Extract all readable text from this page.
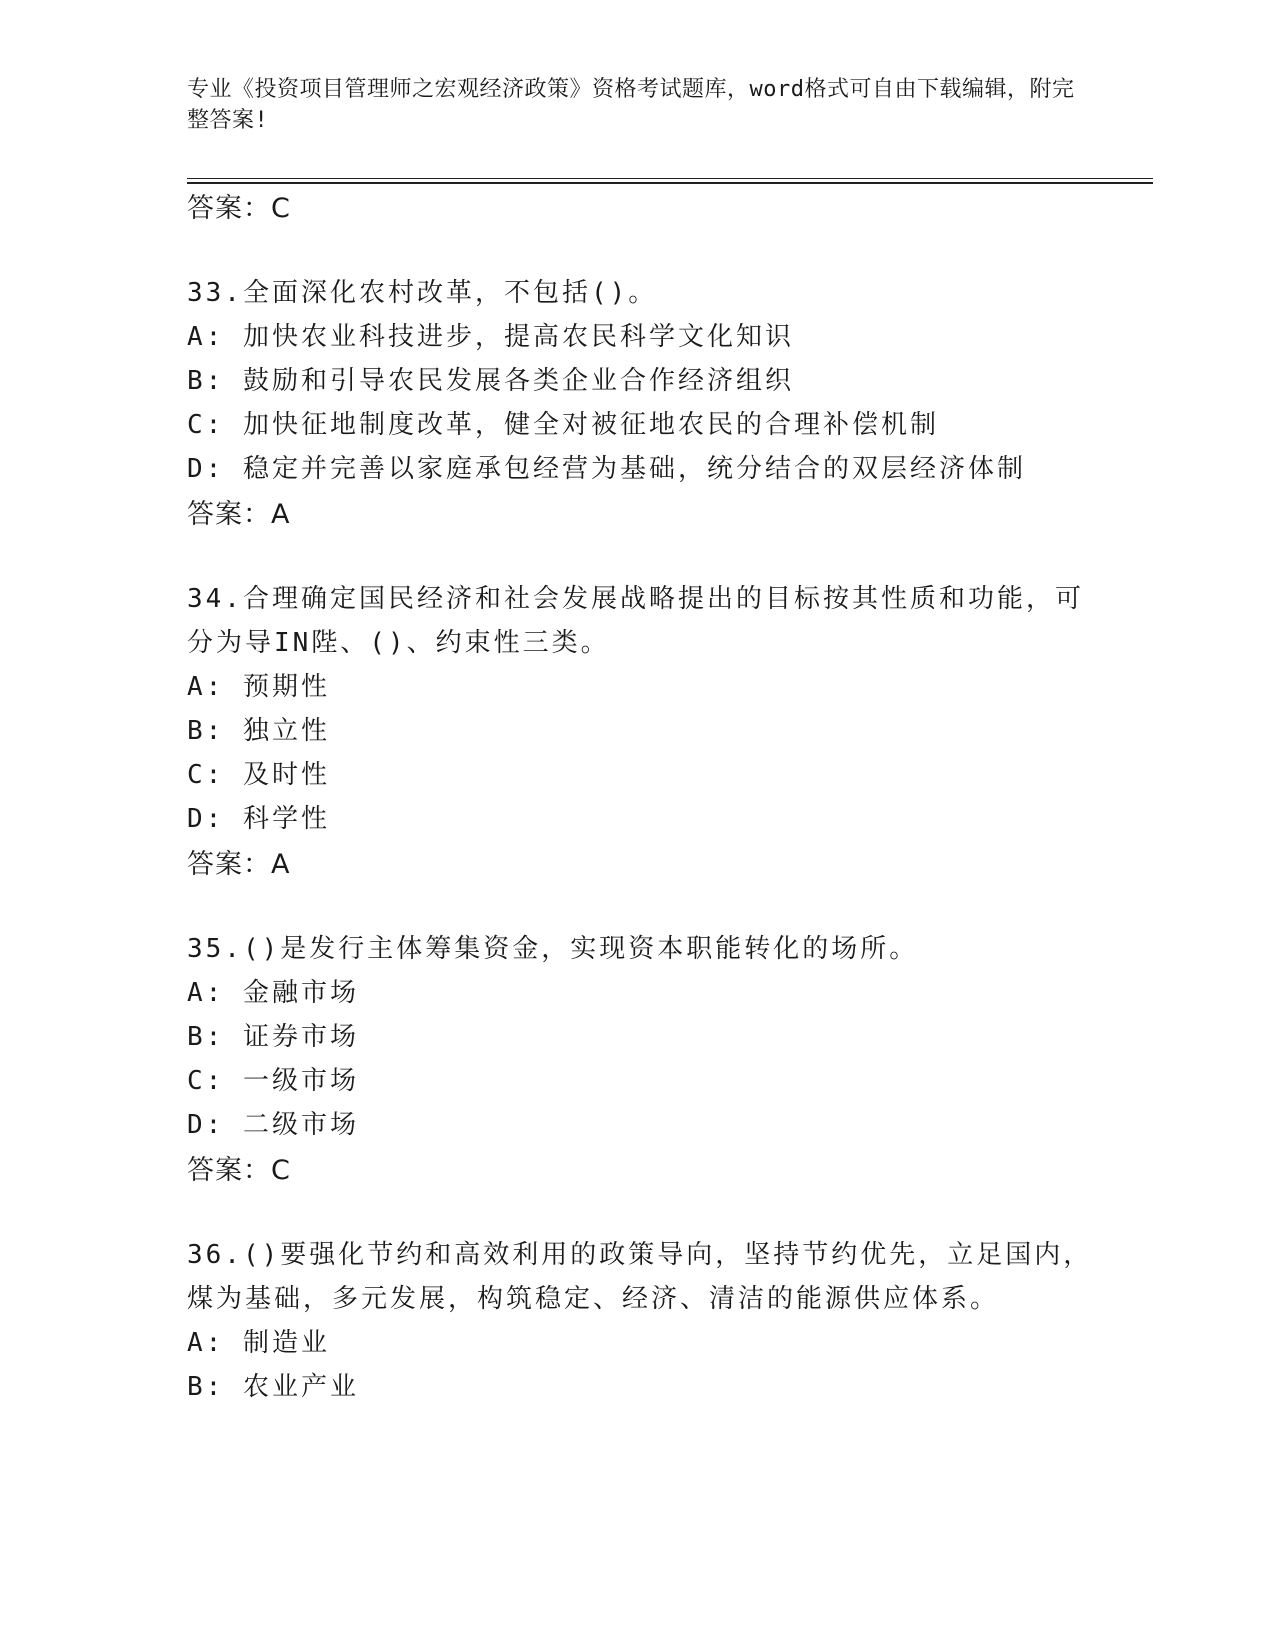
专业《投资项目管理师之宏观经济政策》资格考试题库，word格式可自由下载编辑，附完整答案!
答案：C
33.全面深化农村改革，不包括()。
A: 加快农业科技进步，提高农民科学文化知识
B: 鼓励和引导农民发展各类企业合作经济组织
C: 加快征地制度改革，健全对被征地农民的合理补偿机制
D: 稳定并完善以家庭承包经营为基础，统分结合的双层经济体制
答案：A
34.合理确定国民经济和社会发展战略提出的目标按其性质和功能，可
分为导IN陛、()、约束性三类。
A: 预期性
B: 独立性
C: 及时性
D: 科学性
答案：A
35.()是发行主体筹集资金，实现资本职能转化的场所。
A: 金融市场
B: 证券市场
C: 一级市场
D: 二级市场
答案：C
36.()要强化节约和高效利用的政策导向，坚持节约优先，立足国内，
煤为基础，多元发展，构筑稳定、经济、清洁的能源供应体系。
A: 制造业
B: 农业产业
